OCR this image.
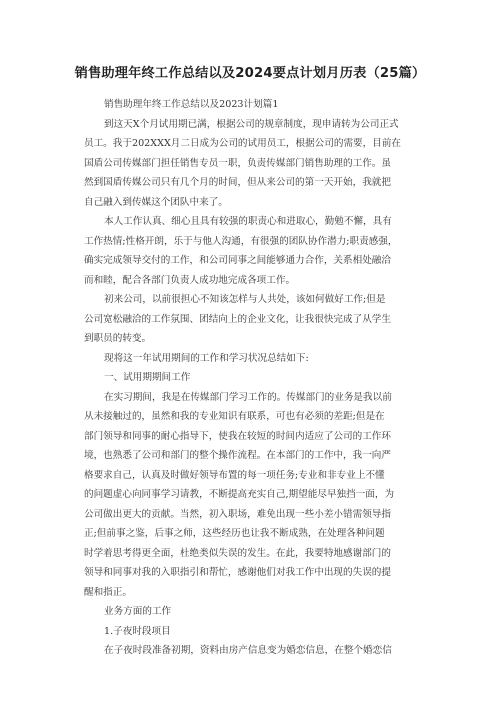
销售助理年终工作总结以及2024要点计划月历表（25篇）
销售助理年终工作总结以及2023计划篇1
到这天X个月试用期已满，根据公司的规章制度，现申请转为公司正式
员工。我于202XXX月二日成为公司的试用员工，根据公司的需要，目前在
国盾公司传媒部门担任销售专员一职，负责传媒部门销售助理的工作。虽
然到国盾传媒公司只有几个月的时间，但从来公司的第一天开始，我就把
自己融入到传媒这个团队中来了。
本人工作认真、细心且具有较强的职责心和进取心，勤勉不懈，具有
工作热情;性格开朗，乐于与他人沟通，有很强的团队协作潜力;职责感强，
确实完成领导交付的工作，和公司同事之间能够通力合作，关系相处融洽
而和睦，配合各部门负责人成功地完成各项工作。
初来公司，以前很担心不知该怎样与人共处，该如何做好工作;但是
公司宽松融洽的工作氛围、团结向上的企业文化，让我很快完成了从学生
到职员的转变。
现将这一年试用期间的工作和学习状况总结如下:
一、试用期期间工作
在实习期间，我是在传媒部门学习工作的。传媒部门的业务是我以前
从未接触过的，虽然和我的专业知识有联系，可也有必须的差距;但是在
部门领导和同事的耐心指导下，使我在较短的时间内适应了公司的工作环
境，也熟悉了公司和部门的整个操作流程。在本部门的工作中，我一向严
格要求自己，认真及时做好领导布置的每一项任务;专业和非专业上不懂
的问题虚心向同事学习请教，不断提高充实自己,期望能尽早独挡一面，为
公司做出更大的贡献。当然，初入职场，难免出现一些小差小错需领导指
正;但前事之鉴，后事之师，这些经历也让我不断成熟，在处理各种问题
时学着思考得更全面，杜绝类似失误的发生。在此，我要特地感谢部门的
领导和同事对我的入职指引和帮忙，感谢他们对我工作中出现的失误的提
醒和指正。
业务方面的工作
1.子夜时段项目
在子夜时段准备初期，资料由房产信息变为婚恋信息，在整个婚恋信
